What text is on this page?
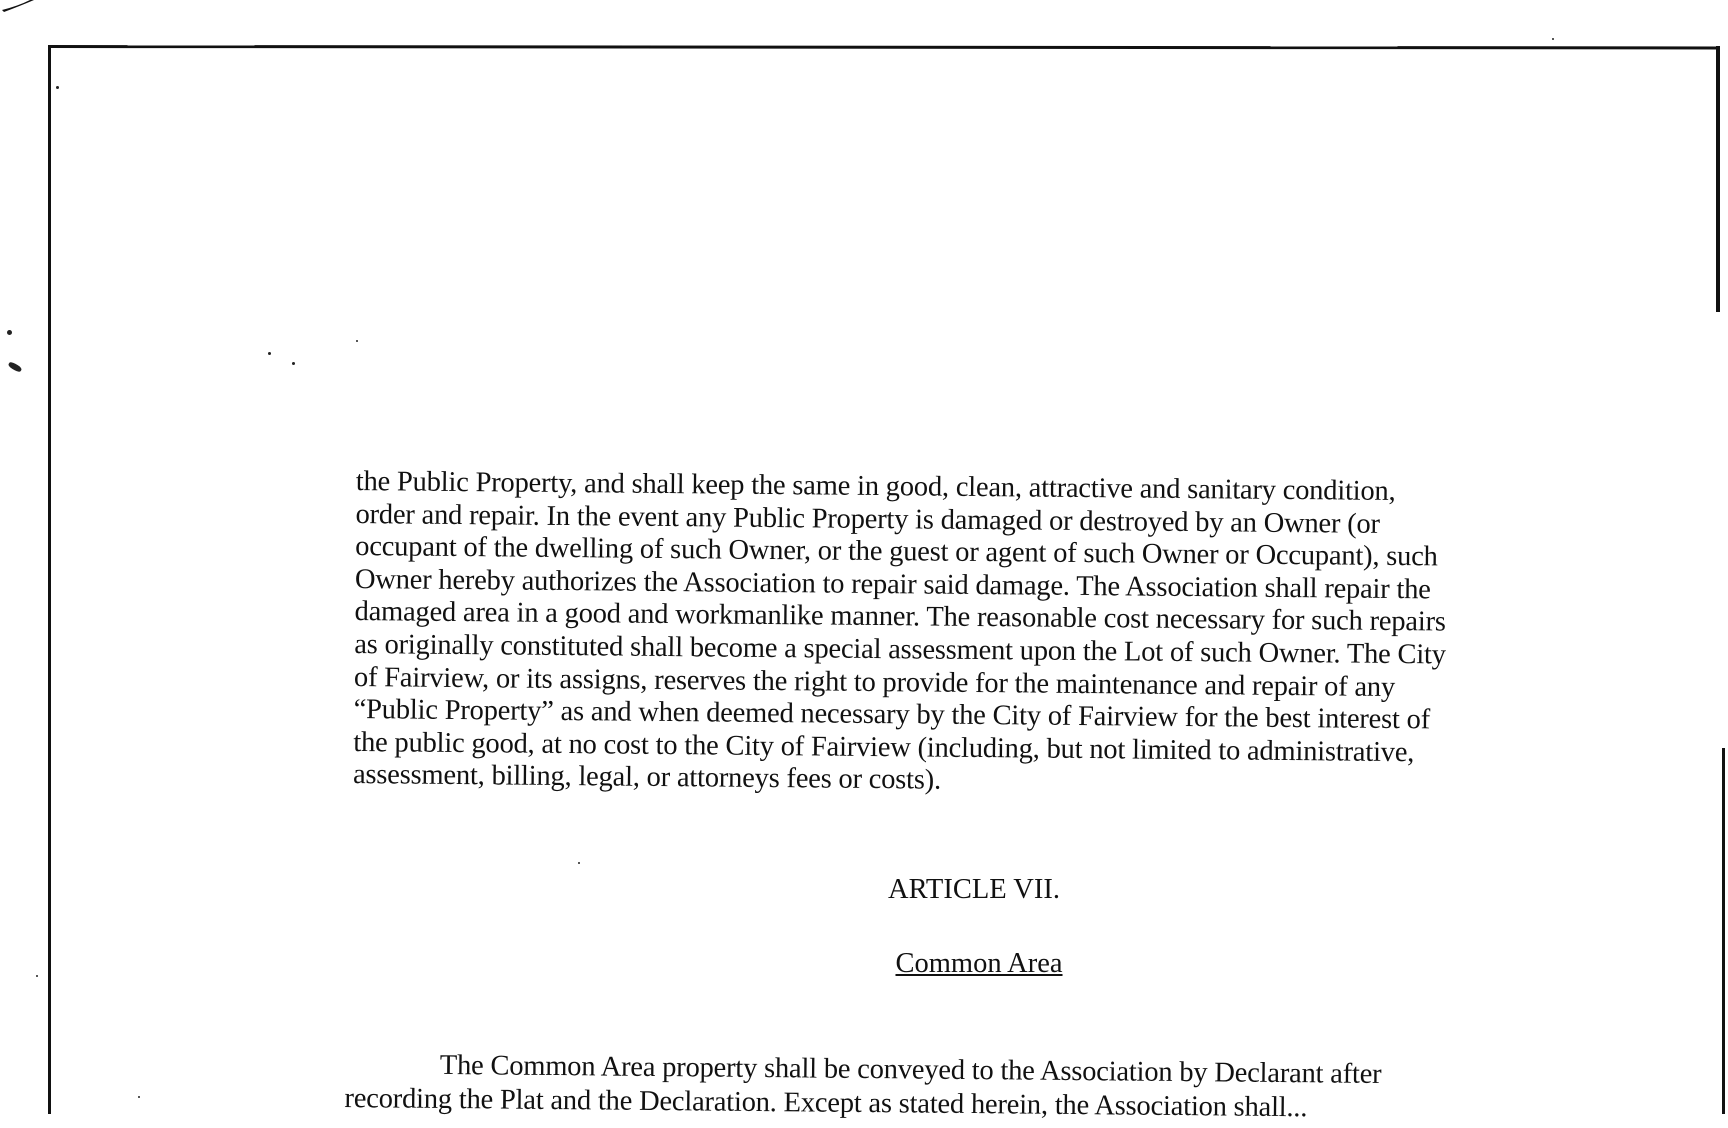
the Public Property, and shall keep the same in good, clean, attractive and sanitary condition,
order and repair. In the event any Public Property is damaged or destroyed by an Owner (or
occupant of the dwelling of such Owner, or the guest or agent of such Owner or Occupant), such
Owner hereby authorizes the Association to repair said damage. The Association shall repair the
damaged area in a good and workmanlike manner. The reasonable cost necessary for such repairs
as originally constituted shall become a special assessment upon the Lot of such Owner. The City
of Fairview, or its assigns, reserves the right to provide for the maintenance and repair of any
“Public Property” as and when deemed necessary by the City of Fairview for the best interest of
the public good, at no cost to the City of Fairview (including, but not limited to administrative,
assessment, billing, legal, or attorneys fees or costs).
ARTICLE VII.
Common Area
The Common Area property shall be conveyed to the Association by Declarant after
recording the Plat and the Declaration. Except as stated herein, the Association shall...
